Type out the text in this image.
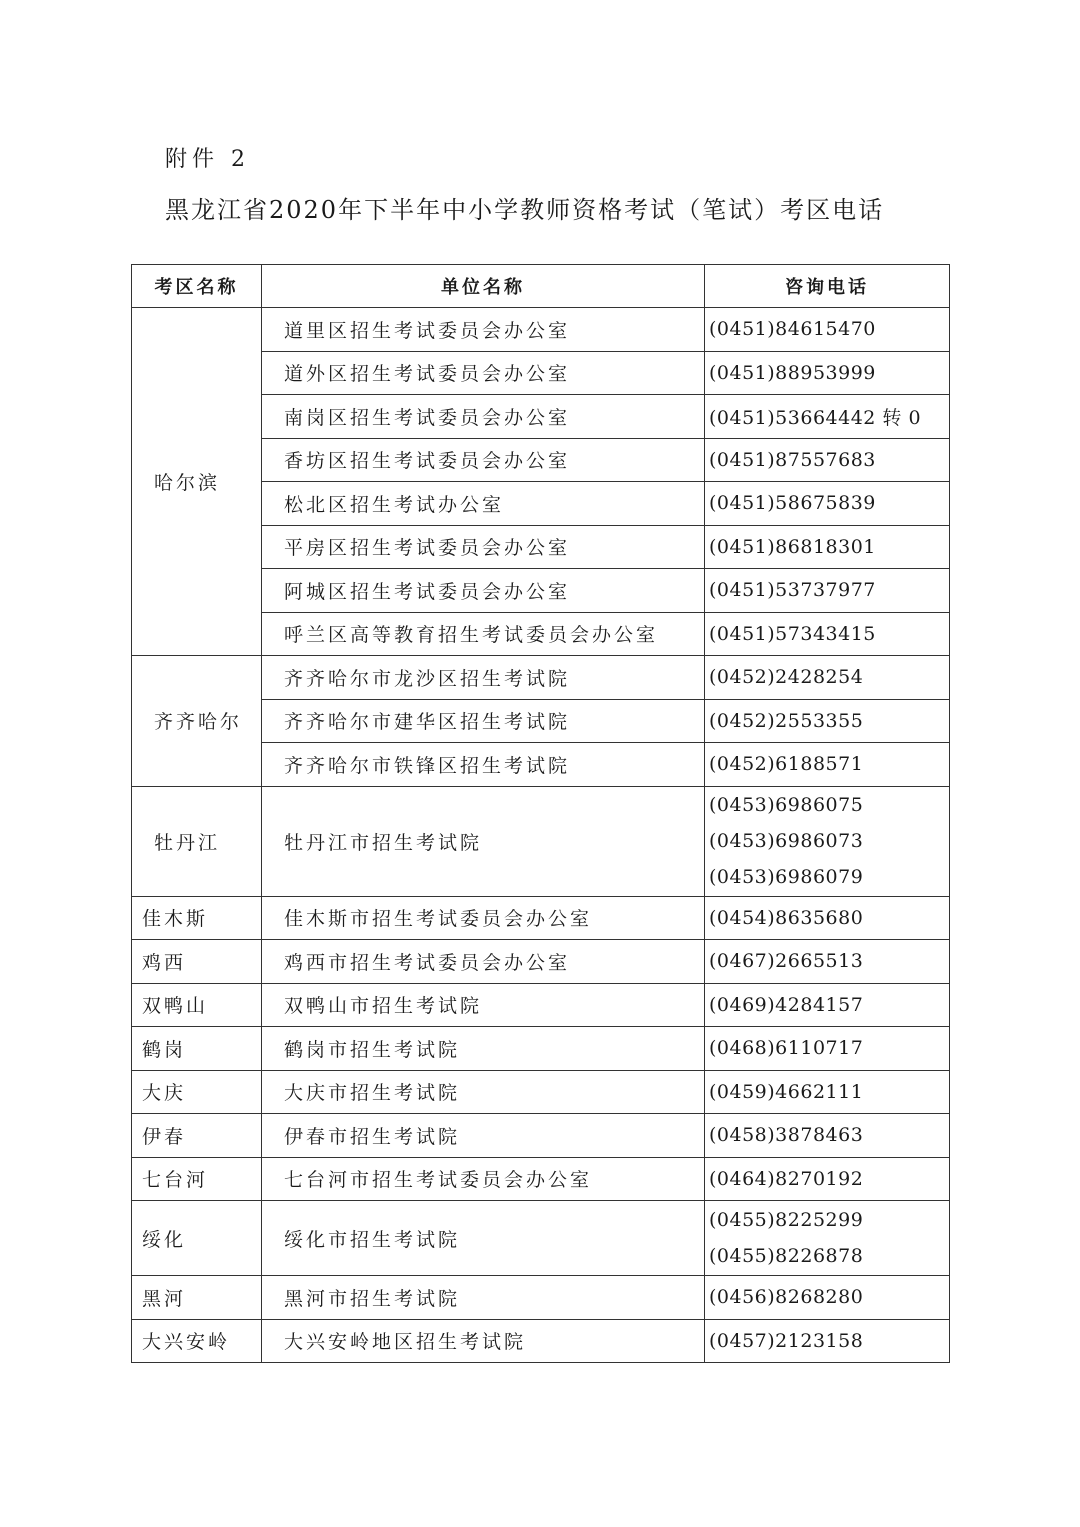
附件 2
黑龙江省2020年下半年中小学教师资格考试（笔试）考区电话
考区名称	单位名称	咨询电话
哈尔滨	道里区招生考试委员会办公室	(0451)84615470
	道外区招生考试委员会办公室	(0451)88953999
	南岗区招生考试委员会办公室	(0451)53664442 转 0
	香坊区招生考试委员会办公室	(0451)87557683
	松北区招生考试办公室	(0451)58675839
	平房区招生考试委员会办公室	(0451)86818301
	阿城区招生考试委员会办公室	(0451)53737977
	呼兰区高等教育招生考试委员会办公室	(0451)57343415
齐齐哈尔	齐齐哈尔市龙沙区招生考试院	(0452)2428254
	齐齐哈尔市建华区招生考试院	(0452)2553355
	齐齐哈尔市铁锋区招生考试院	(0452)6188571
牡丹江	牡丹江市招生考试院	(0453)6986075
(0453)6986073
(0453)6986079

佳木斯	佳木斯市招生考试委员会办公室	(0454)8635680
鸡西	鸡西市招生考试委员会办公室	(0467)2665513
双鸭山	双鸭山市招生考试院	(0469)4284157
鹤岗	鹤岗市招生考试院	(0468)6110717
大庆	大庆市招生考试院	(0459)4662111
伊春	伊春市招生考试院	(0458)3878463
七台河	七台河市招生考试委员会办公室	(0464)8270192
绥化	绥化市招生考试院	(0455)8225299
(0455)8226878

黑河	黑河市招生考试院	(0456)8268280
大兴安岭	大兴安岭地区招生考试院	(0457)2123158
